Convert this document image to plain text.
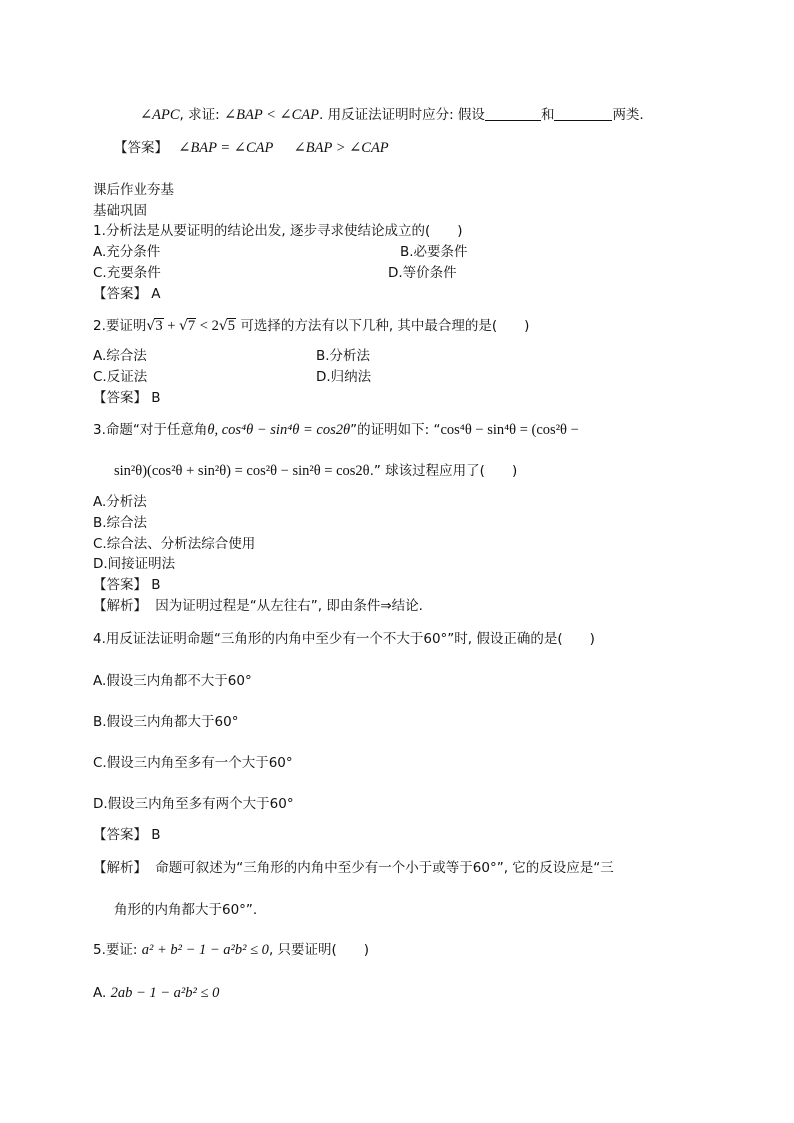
∠APC, 求证: ∠BAP < ∠CAP. 用反证法证明时应分: 假设	和	两类.
【答案】 ∠BAP = ∠CAP ∠BAP > ∠CAP
课后作业夯基
基础巩固
1.分析法是从要证明的结论出发, 逐步寻求使结论成立的(　　)
A.充分条件	B.必要条件
C.充要条件	D.等价条件
【答案】 A
2.要证明√3 + √7 < 2√5 可选择的方法有以下几种, 其中最合理的是(　　)
A.综合法	B.分析法
C.反证法	D.归纳法
【答案】 B
3.命题“对于任意角θ, cos⁴θ − sin⁴θ = cos2θ”的证明如下: “cos⁴θ − sin⁴θ = (cos²θ −
sin²θ)(cos²θ + sin²θ) = cos²θ − sin²θ = cos2θ.” 球该过程应用了(　　)
A.分析法
B.综合法
C.综合法、分析法综合使用
D.间接证明法
【答案】 B
【解析】 因为证明过程是“从左往右”, 即由条件⇒结论.
4.用反证法证明命题“三角形的内角中至少有一个不大于60°”时, 假设正确的是(　　)
A.假设三内角都不大于60°
B.假设三内角都大于60°
C.假设三内角至多有一个大于60°
D.假设三内角至多有两个大于60°
【答案】 B
【解析】 命题可叙述为“三角形的内角中至少有一个小于或等于60°”, 它的反设应是“三
角形的内角都大于60°”.
5.要证: a² + b² − 1 − a²b² ≤ 0, 只要证明(　　)
A. 2ab − 1 − a²b² ≤ 0
